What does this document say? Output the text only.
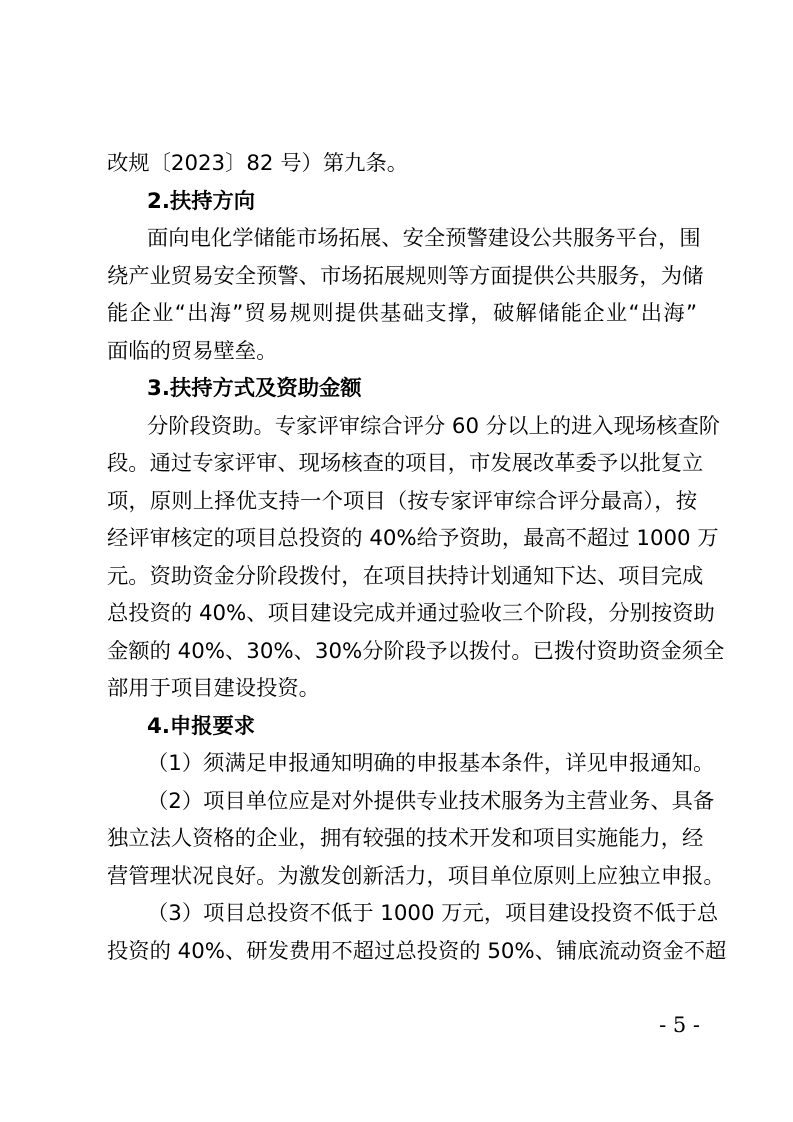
改规〔2023〕82 号）第九条。
2.扶持方向
面向电化学储能市场拓展、安全预警建设公共服务平台，围
绕产业贸易安全预警、市场拓展规则等方面提供公共服务，为储
能企业“出海”贸易规则提供基础支撑，破解储能企业“出海”
面临的贸易壁垒。
3.扶持方式及资助金额
分阶段资助。专家评审综合评分 60 分以上的进入现场核查阶
段。通过专家评审、现场核查的项目，市发展改革委予以批复立
项，原则上择优支持一个项目（按专家评审综合评分最高），按
经评审核定的项目总投资的 40%给予资助，最高不超过 1000 万
元。资助资金分阶段拨付，在项目扶持计划通知下达、项目完成
总投资的 40%、项目建设完成并通过验收三个阶段，分别按资助
金额的 40%、30%、30%分阶段予以拨付。已拨付资助资金须全
部用于项目建设投资。
4.申报要求
（1）须满足申报通知明确的申报基本条件，详见申报通知。
（2）项目单位应是对外提供专业技术服务为主营业务、具备
独立法人资格的企业，拥有较强的技术开发和项目实施能力，经
营管理状况良好。为激发创新活力，项目单位原则上应独立申报。
（3）项目总投资不低于 1000 万元，项目建设投资不低于总
投资的 40%、研发费用不超过总投资的 50%、铺底流动资金不超
- 5 -
